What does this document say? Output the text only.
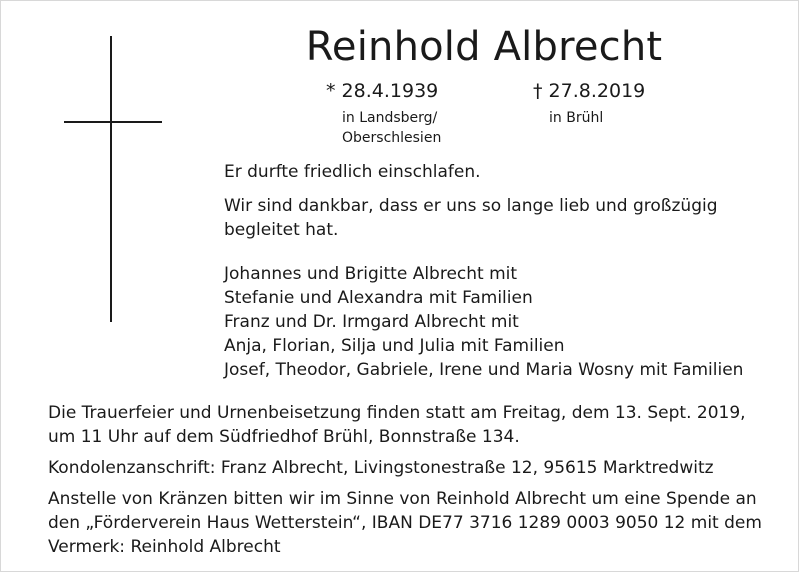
Reinhold Albrecht
* 28.4.1939
in Landsberg/
Oberschlesien
† 27.8.2019
in Brühl
Er durfte friedlich einschlafen.
Wir sind dankbar, dass er uns so lange lieb und großzügig
begleitet hat.
Johannes und Brigitte Albrecht mit
Stefanie und Alexandra mit Familien
Franz und Dr. Irmgard Albrecht mit
Anja, Florian, Silja und Julia mit Familien
Josef, Theodor, Gabriele, Irene und Maria Wosny mit Familien
Die Trauerfeier und Urnenbeisetzung finden statt am Freitag, dem 13. Sept. 2019,
um 11 Uhr auf dem Südfriedhof Brühl, Bonnstraße 134.
Kondolenzanschrift: Franz Albrecht, Livingstonestraße 12, 95615 Marktredwitz
Anstelle von Kränzen bitten wir im Sinne von Reinhold Albrecht um eine Spende an
den „Förderverein Haus Wetterstein“, IBAN DE77 3716 1289 0003 9050 12 mit dem
Vermerk: Reinhold Albrecht
